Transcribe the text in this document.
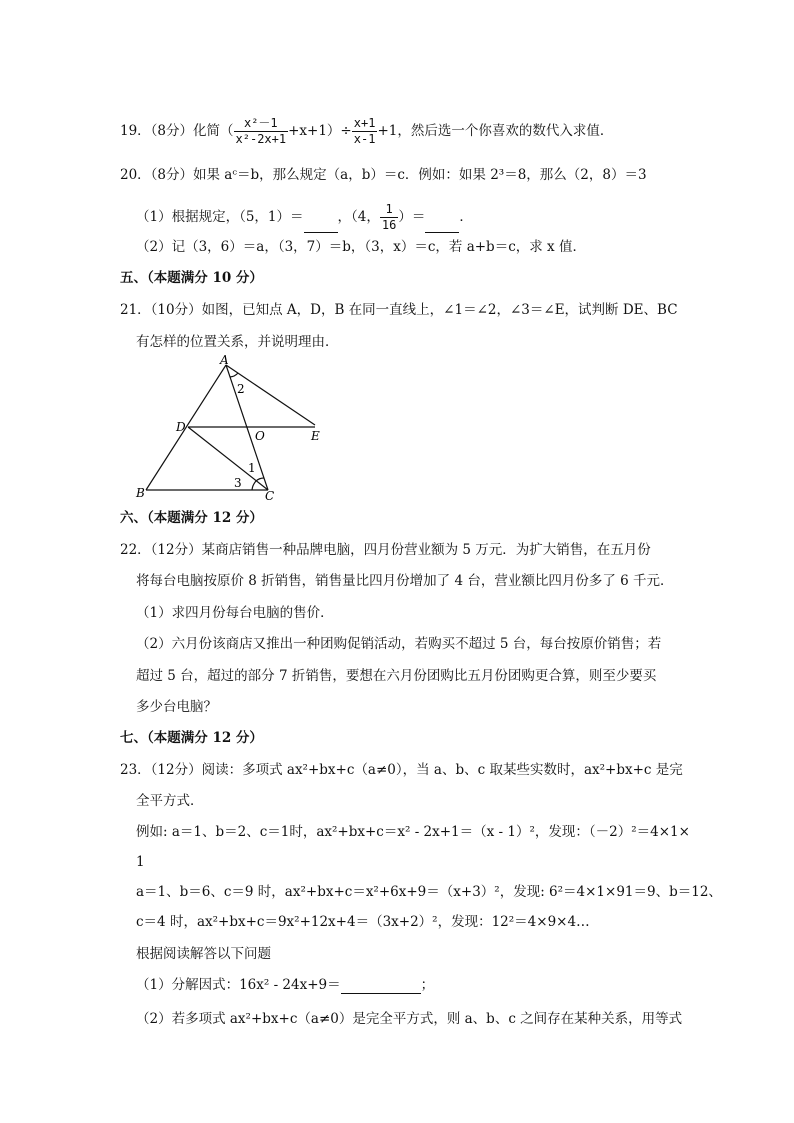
19．（8分）化简（ $\frac{\text{x²－1}}{\text{x²-2x+1}} +x+1)\div \frac{x+1}{x-1} +1$，然后选一个你喜欢的数代入求值．
20．（8分）如果 aᶜ＝b，那么规定（a，b）＝c．例如：如果 2³＝8，那么（2，8）＝3
（1）根据规定，（5，1）＝	，（4， $\frac{1}{16}$ ）＝	．
（2）记（3，6）＝a，（3，7）＝b，（3，x）＝c，若 a+b＝c，求 x 值．
五、（本题满分 10 分）
21．（10分）如图，已知点 A，D，B 在同一直线上，∠1＝∠2，∠3＝∠E，试判断 DE、BC
有怎样的位置关系，并说明理由．
A
D
O	E
B	C
2
1
3
六、（本题满分 12 分）
22．（12分）某商店销售一种品牌电脑，四月份营业额为 5 万元．为扩大销售，在五月份
将每台电脑按原价 8 折销售，销售量比四月份增加了 4 台，营业额比四月份多了 6 千元．
（1）求四月份每台电脑的售价．
（2）六月份该商店又推出一种团购促销活动，若购买不超过 5 台，每台按原价销售；若
超过 5 台，超过的部分 7 折销售，要想在六月份团购比五月份团购更合算，则至少要买
多少台电脑？
七、（本题满分 12 分）
23．（12分）阅读：多项式 ax²+bx+c（a≠0），当 a、b、c 取某些实数时，ax²+bx+c 是完
全平方式．
例如: a＝1、b＝2、c＝1时，ax²+bx+c＝x² - 2x+1＝（x - 1）²，发现：（－2）²＝4×1×
1
a＝1、b＝6、c＝9 时，ax²+bx+c＝x²+6x+9＝（x+3）²，发现: 6²＝4×1×91＝9、b＝12、
c＝4 时，ax²+bx+c＝9x²+12x+4＝（3x+2）²，发现：12²＝4×9×4…
根据阅读解答以下问题
（1）分解因式：16x² - 24x+9＝	；
（2）若多项式 ax²+bx+c（a≠0）是完全平方式，则 a、b、c 之间存在某种关系，用等式
